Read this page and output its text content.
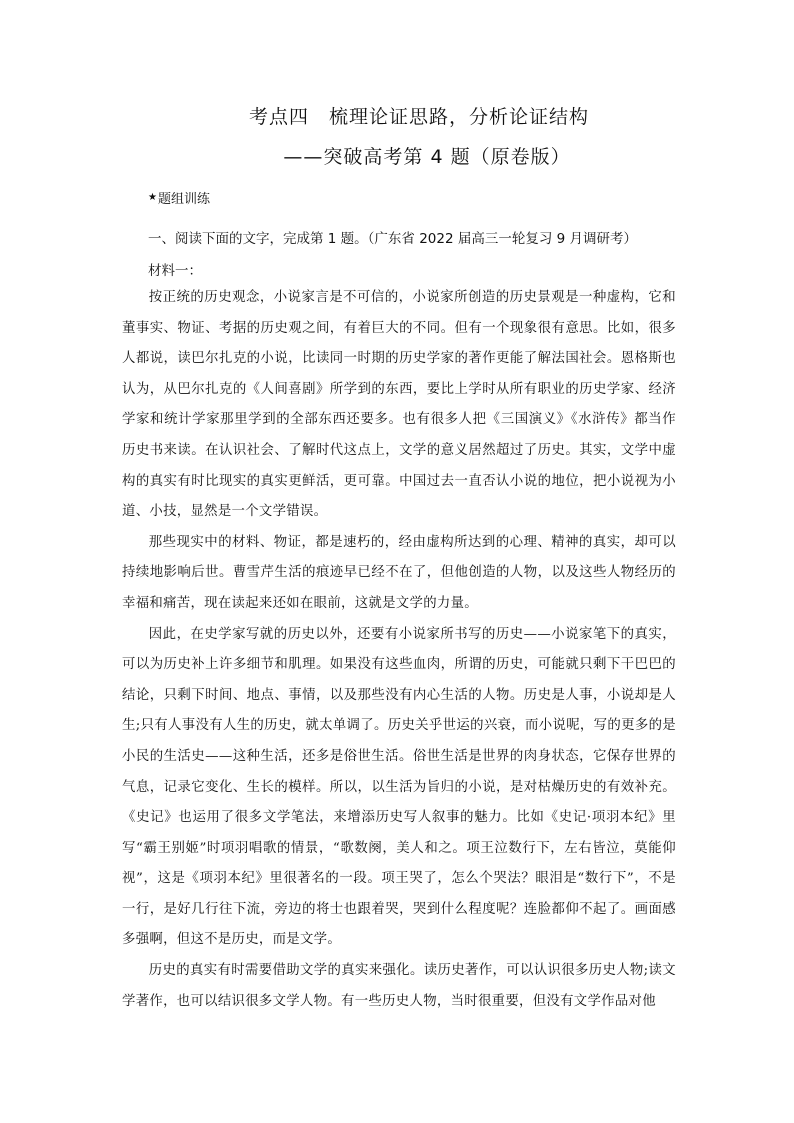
考点四　梳理论证思路，分析论证结构
——突破高考第 4 题（原卷版）
★ 题组训练
一、阅读下面的文字，完成第 1 题。（广东省 2022 届高三一轮复习 9 月调研考）
材料一：

按正统的历史观念，小说家言是不可信的，小说家所创造的历史景观是一种虚构，它和董事实、物证、考据的历史观之间，有着巨大的不同。但有一个现象很有意思。比如，很多人都说，读巴尔扎克的小说，比读同一时期的历史学家的著作更能了解法国社会。恩格斯也认为，从巴尔扎克的《人间喜剧》所学到的东西，要比上学时从所有职业的历史学家、经济学家和统计学家那里学到的全部东西还要多。也有很多人把《三国演义》《水浒传》都当作历史书来读。在认识社会、了解时代这点上，文学的意义居然超过了历史。其实，文学中虚构的真实有时比现实的真实更鲜活，更可靠。中国过去一直否认小说的地位，把小说视为小道、小技，显然是一个文学错误。

那些现实中的材料、物证，都是速朽的，经由虚构所达到的心理、精神的真实，却可以持续地影响后世。曹雪芹生活的痕迹早已经不在了，但他创造的人物，以及这些人物经历的幸福和痛苦，现在读起来还如在眼前，这就是文学的力量。

因此，在史学家写就的历史以外，还要有小说家所书写的历史——小说家笔下的真实，可以为历史补上许多细节和肌理。如果没有这些血肉，所谓的历史，可能就只剩下干巴巴的结论，只剩下时间、地点、事情，以及那些没有内心生活的人物。历史是人事，小说却是人生;只有人事没有人生的历史，就太单调了。历史关乎世运的兴衰，而小说呢，写的更多的是小民的生活史——这种生活，还多是俗世生活。俗世生活是世界的肉身状态，它保存世界的气息，记录它变化、生长的模样。所以，以生活为旨归的小说，是对枯燥历史的有效补充。《史记》也运用了很多文学笔法，来增添历史写人叙事的魅力。比如《史记·项羽本纪》里写“霸王别姬”时项羽唱歌的情景，“歌数阕，美人和之。项王泣数行下，左右皆泣，莫能仰视”，这是《项羽本纪》里很著名的一段。项王哭了，怎么个哭法？眼泪是“数行下”，不是一行，是好几行往下流，旁边的将士也跟着哭，哭到什么程度呢？连脸都仰不起了。画面感多强啊，但这不是历史，而是文学。

历史的真实有时需要借助文学的真实来强化。读历史著作，可以认识很多历史人物;读文学著作，也可以结识很多文学人物。有一些历史人物，当时很重要，但没有文学作品对他
